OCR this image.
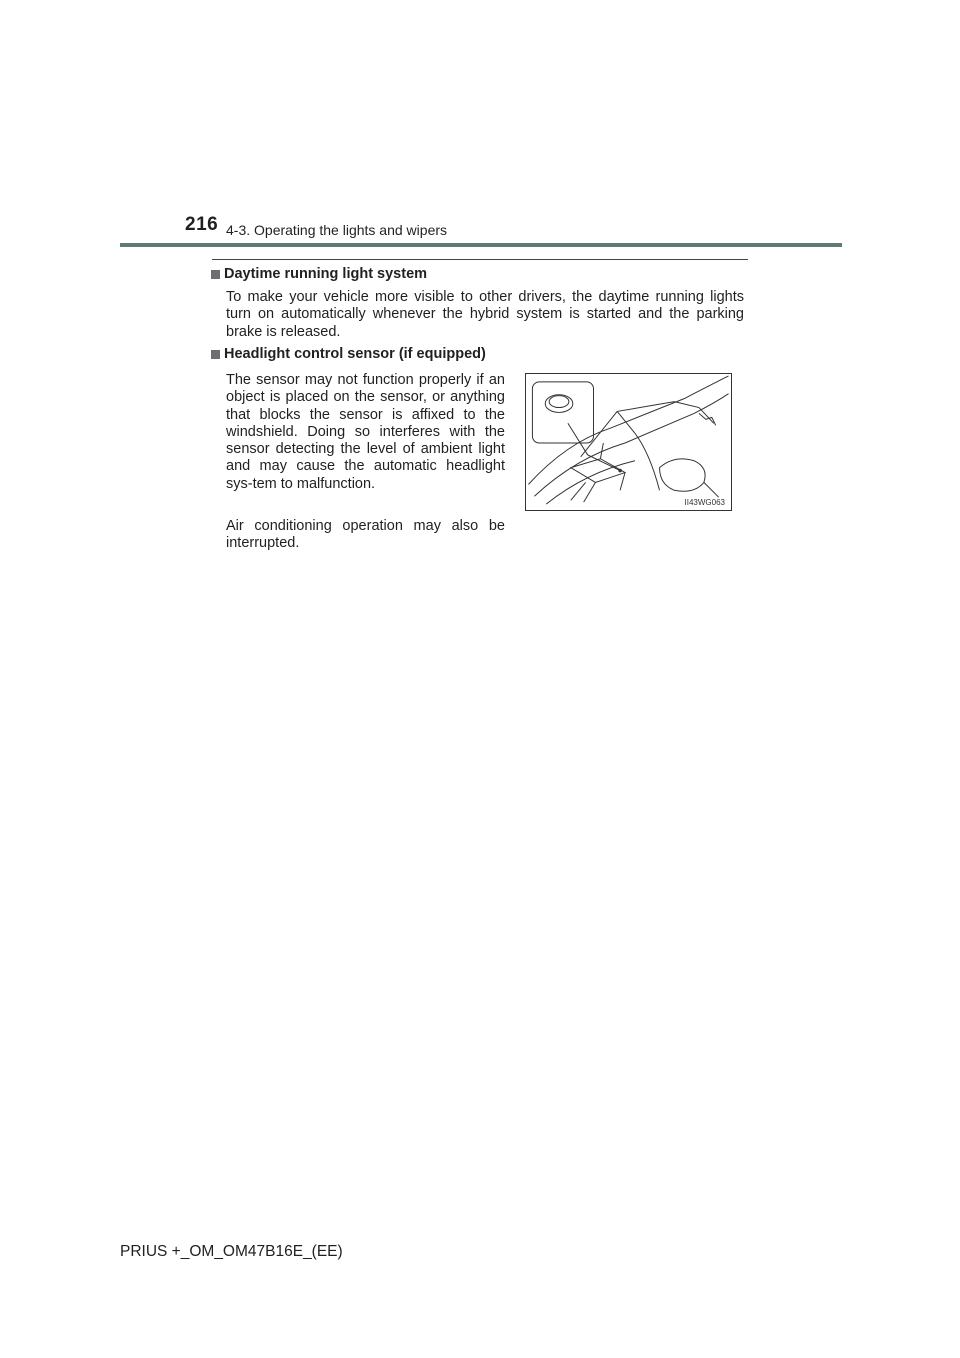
216 4-3. Operating the lights and wipers
Daytime running light system

To make your vehicle more visible to other drivers, the daytime running lights turn on automatically whenever the hybrid system is started and the parking brake is released.

Headlight control sensor (if equipped)

The sensor may not function properly if an object is placed on the sensor, or anything that blocks the sensor is affixed to the windshield. Doing so interferes with the sensor detecting the level of ambient light and may cause the automatic headlight sys-tem to malfunction.

Air conditioning operation may also be interrupted.

II43WG063
PRIUS +_OM_OM47B16E_(EE)
